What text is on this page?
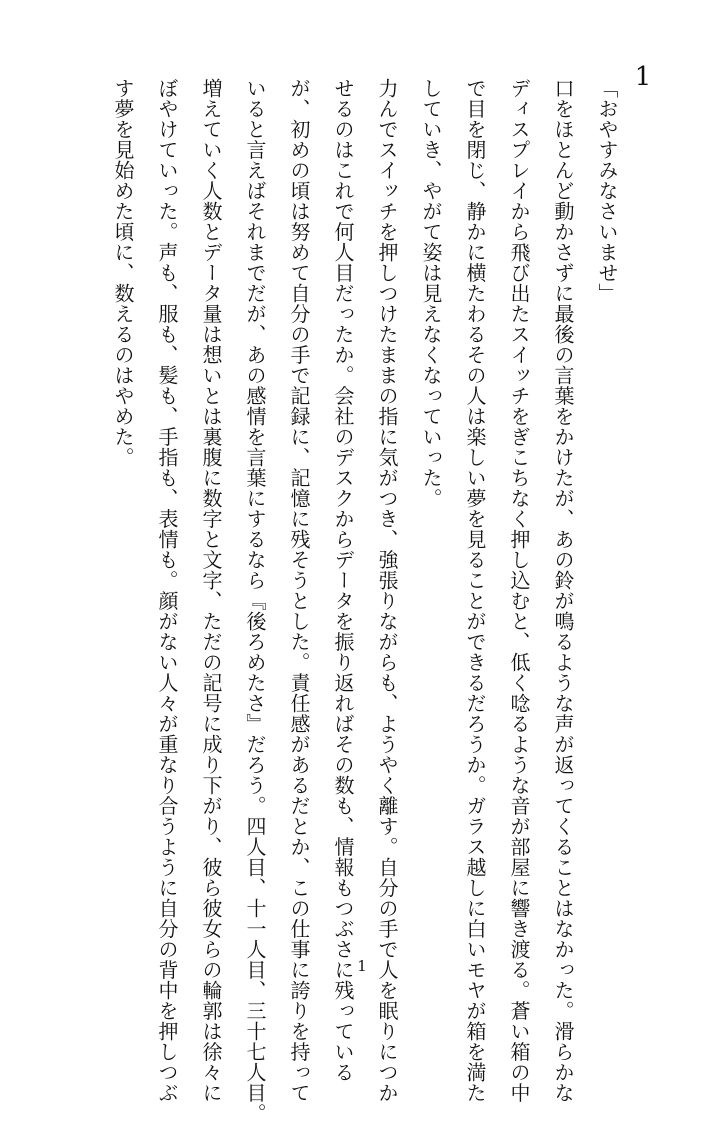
1

「おやすみなさいませ」

口をほとんど動かさずに最後の言葉をかけたが、あの鈴が鳴るような声が返ってくることはなかった。滑らかな

ディスプレイから飛び出たスイッチをぎこちなく押し込むと、低く唸るような音が部屋に響き渡る。蒼い箱の中

で目を閉じ、静かに横たわるその人は楽しい夢を見ることができるだろうか。ガラス越しに白いモヤが箱を満た

していき、やがて姿は見えなくなっていった。

力んでスイッチを押しつけたままの指に気がつき、強張りながらも、ようやく離す。自分の手で人を眠りにつか

せるのはこれで何人目だったか。会社のデスクからデータを振り返ればその数も、情報もつぶさに残っている

が、初めの頃は努めて自分の手で記録に、記憶に残そうとした。責任感があるだとか、この仕事に誇りを持って

いると言えばそれまでだが、あの感情を言葉にするなら『後ろめたさ』だろう。四人目、十一人目、三十七人目。

増えていく人数とデータ量は想いとは裏腹に数字と文字、ただの記号に成り下がり、彼ら彼女らの輪郭は徐々に

ぼやけていった。声も、服も、髪も、手指も、表情も。顔がない人々が重なり合うように自分の背中を押しつぶ

す夢を見始めた頃に、数えるのはやめた。

1
